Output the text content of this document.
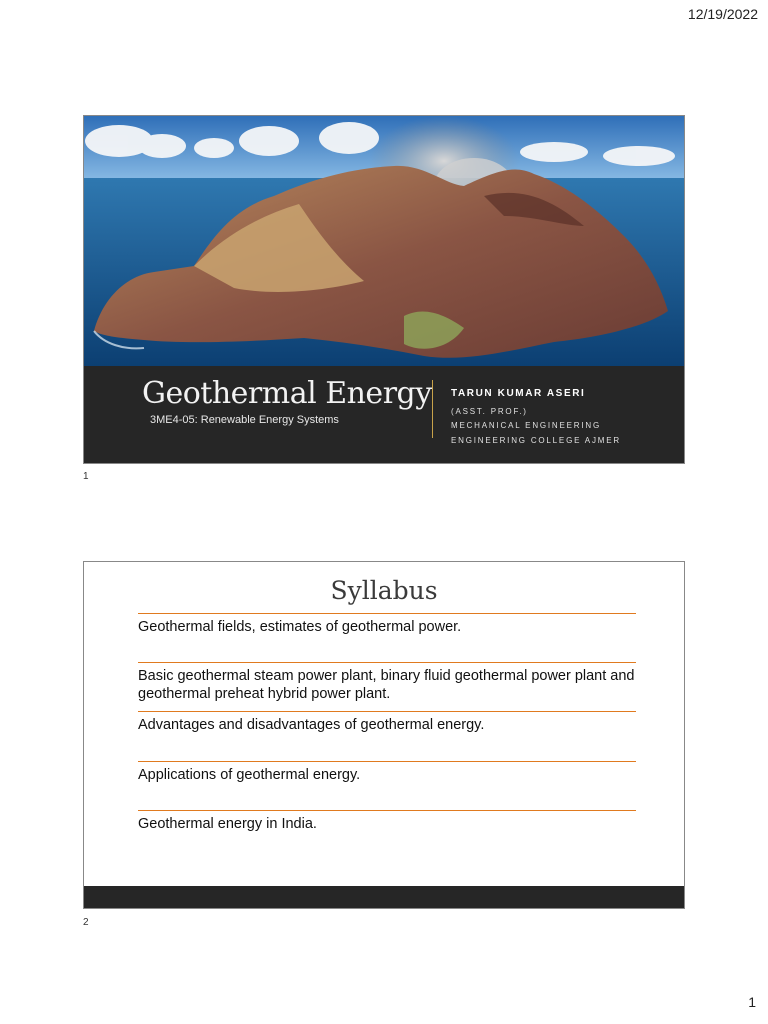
12/19/2022
Geothermal Energy
3ME4-05: Renewable Energy Systems
TARUN KUMAR ASERI
(ASST. PROF.)
MECHANICAL ENGINEERING
ENGINEERING COLLEGE AJMER
1
Syllabus
Geothermal fields, estimates of geothermal power.
Basic geothermal steam power plant, binary fluid geothermal power plant and geothermal preheat hybrid power plant.
Advantages and disadvantages of geothermal energy.
Applications of geothermal energy.
Geothermal energy in India.
2
1
